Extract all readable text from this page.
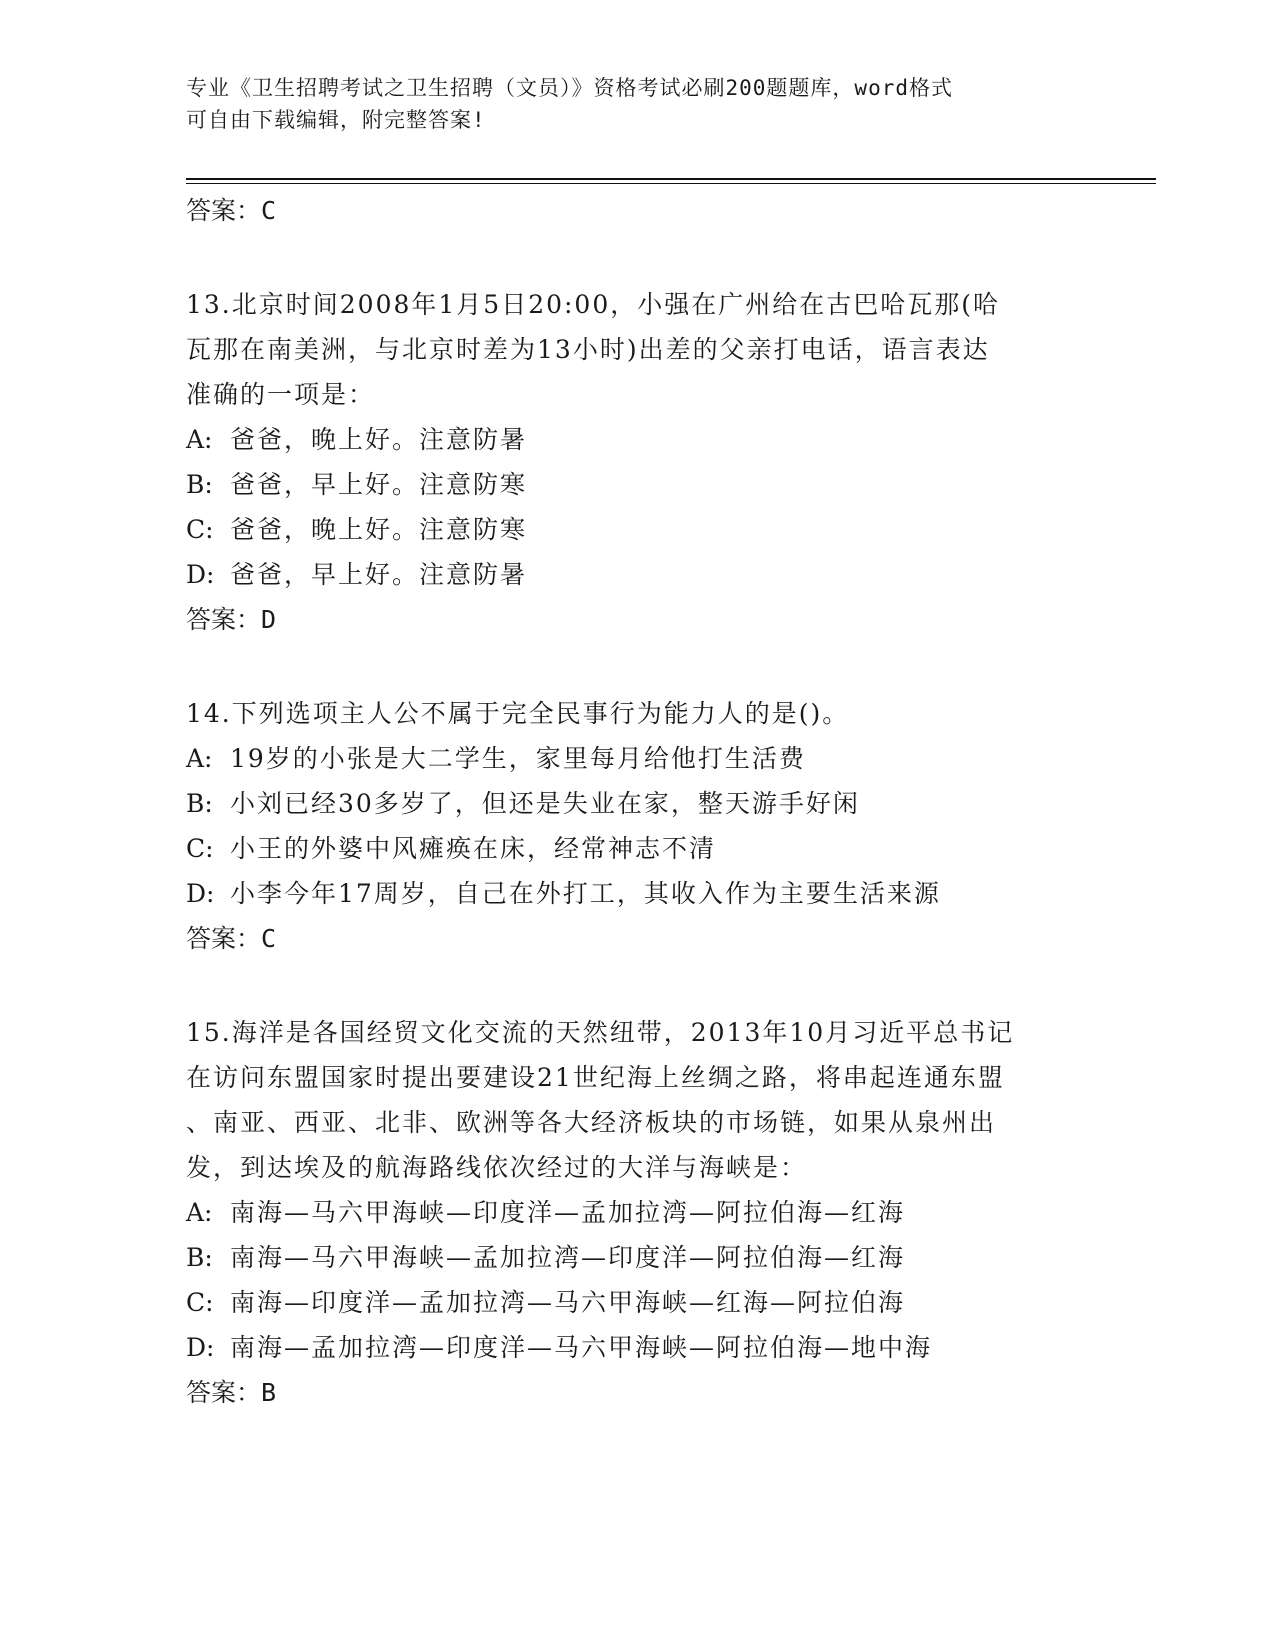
专业《卫生招聘考试之卫生招聘（文员）》资格考试必刷200题题库，word格式
可自由下载编辑，附完整答案!

答案：C

13.北京时间2008年1月5日20:00，小强在广州给在古巴哈瓦那(哈

瓦那在南美洲，与北京时差为13小时)出差的父亲打电话，语言表达

准确的一项是：

A: 爸爸，晚上好。注意防暑

B: 爸爸，早上好。注意防寒

C: 爸爸，晚上好。注意防寒

D: 爸爸，早上好。注意防暑

答案：D

14.下列选项主人公不属于完全民事行为能力人的是()。

A: 19岁的小张是大二学生，家里每月给他打生活费

B: 小刘已经30多岁了，但还是失业在家，整天游手好闲

C: 小王的外婆中风瘫痪在床，经常神志不清

D: 小李今年17周岁，自己在外打工，其收入作为主要生活来源

答案：C

15.海洋是各国经贸文化交流的天然纽带，2013年10月习近平总书记

在访问东盟国家时提出要建设21世纪海上丝绸之路，将串起连通东盟

、南亚、西亚、北非、欧洲等各大经济板块的市场链，如果从泉州出

发，到达埃及的航海路线依次经过的大洋与海峡是：

A: 南海—马六甲海峡—印度洋—孟加拉湾—阿拉伯海—红海

B: 南海—马六甲海峡—孟加拉湾—印度洋—阿拉伯海—红海

C: 南海—印度洋—孟加拉湾—马六甲海峡—红海—阿拉伯海

D: 南海—孟加拉湾—印度洋—马六甲海峡—阿拉伯海—地中海

答案：B
